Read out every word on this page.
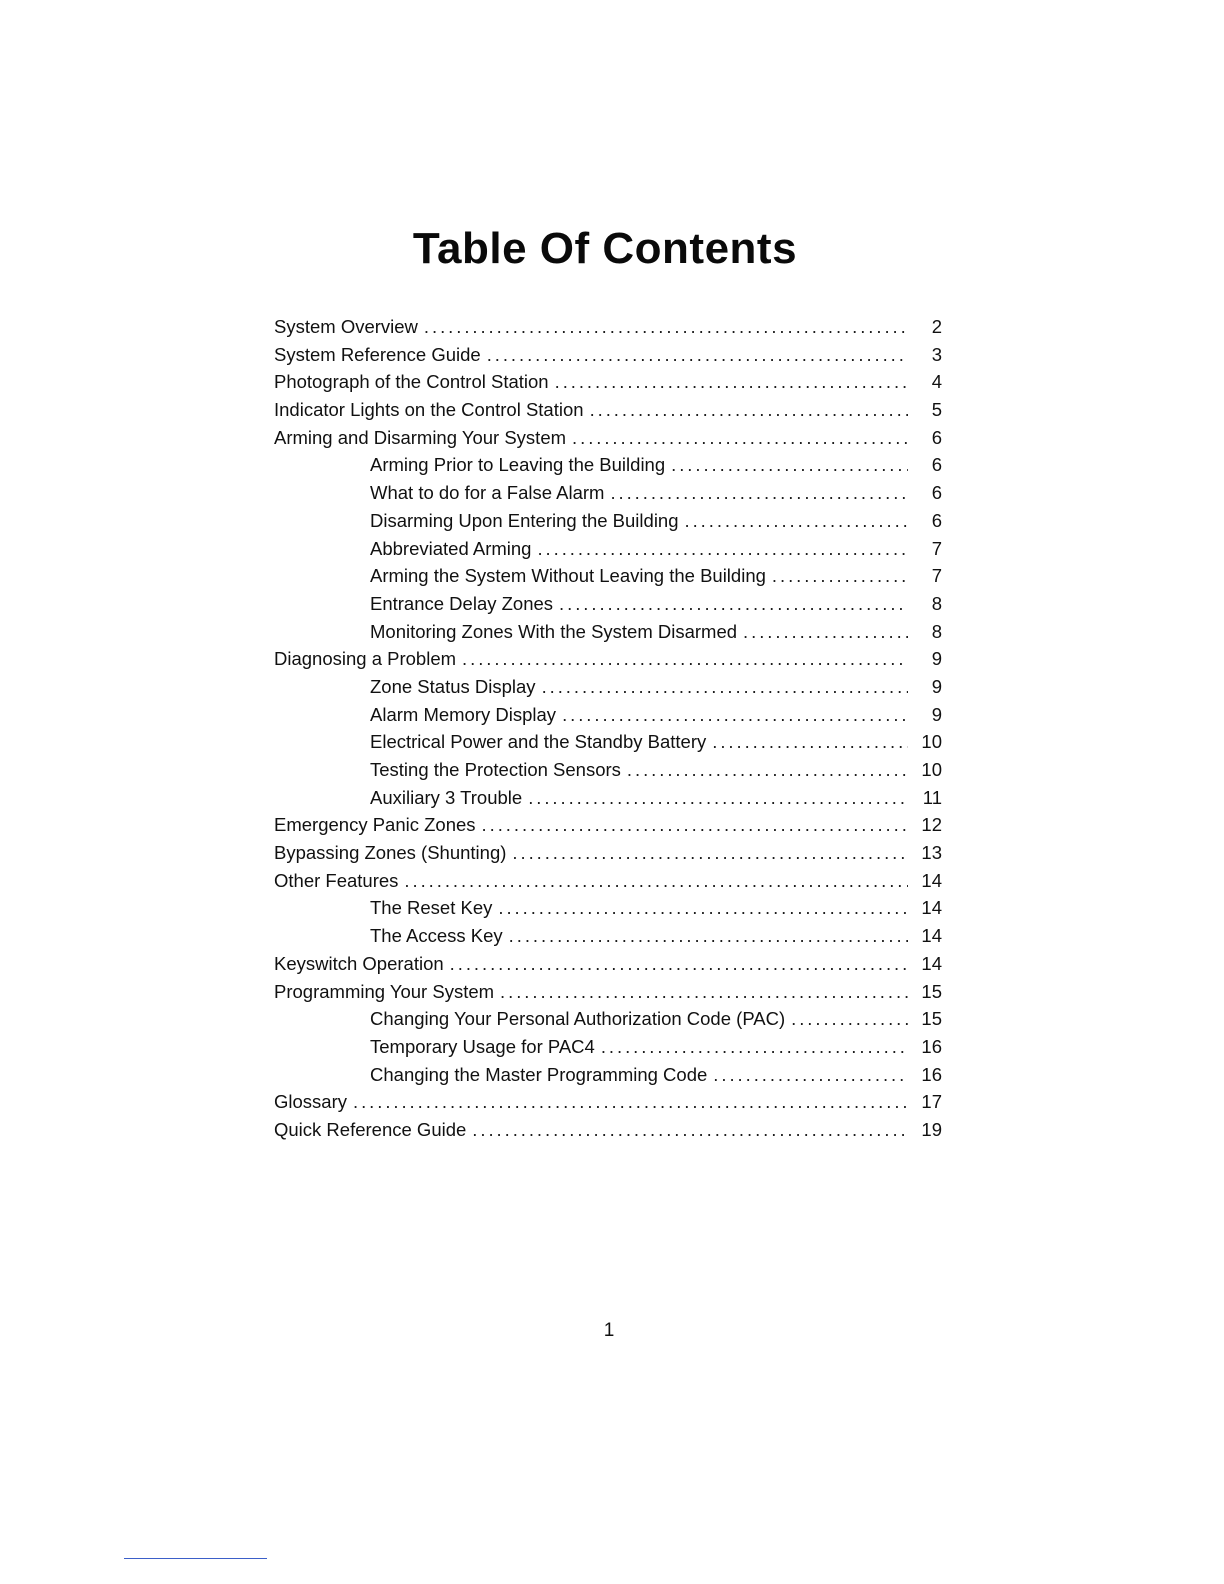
Table Of Contents
System Overview . . .	2
System Reference Guide . . .	3
Photograph of the Control Station . . .	4
Indicator Lights on the Control Station . . .	5
Arming and Disarming Your System . . .	6
Arming Prior to Leaving the Building . . .	6
What to do for a False Alarm . . .	6
Disarming Upon Entering the Building . . .	6
Abbreviated Arming . . .	7
Arming the System Without Leaving the Building . . .	7
Entrance Delay Zones . . .	8
Monitoring Zones With the System Disarmed . . .	8
Diagnosing a Problem . . .	9
Zone Status Display . . .	9
Alarm Memory Display . . .	9
Electrical Power and the Standby Battery . . .	10
Testing the Protection Sensors . . .	10
Auxiliary 3 Trouble . . .	11
Emergency Panic Zones . . .	12
Bypassing Zones (Shunting) . . .	13
Other Features . . .	14
The Reset Key . . .	14
The Access Key . . .	14
Keyswitch Operation . . .	14
Programming Your System . . .	15
Changing Your Personal Authorization Code (PAC) . . .	15
Temporary Usage for PAC4 . . .	16
Changing the Master Programming Code . . .	16
Glossary . . .	17
Quick Reference Guide . . .	19
1
